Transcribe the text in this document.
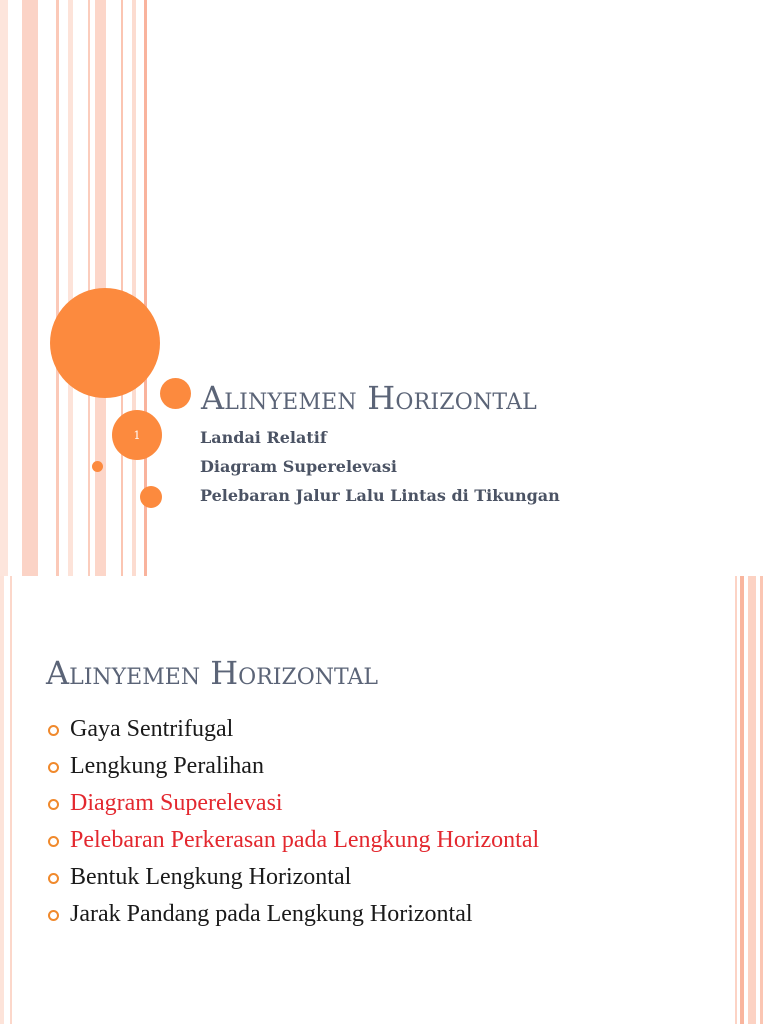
1
Alinyemen Horizontal
Landai Relatif
Diagram Superelevasi
Pelebaran Jalur Lalu Lintas di Tikungan
Alinyemen Horizontal
Gaya Sentrifugal
Lengkung Peralihan
Diagram Superelevasi
Pelebaran Perkerasan pada Lengkung Horizontal
Bentuk Lengkung Horizontal
Jarak Pandang pada Lengkung Horizontal
